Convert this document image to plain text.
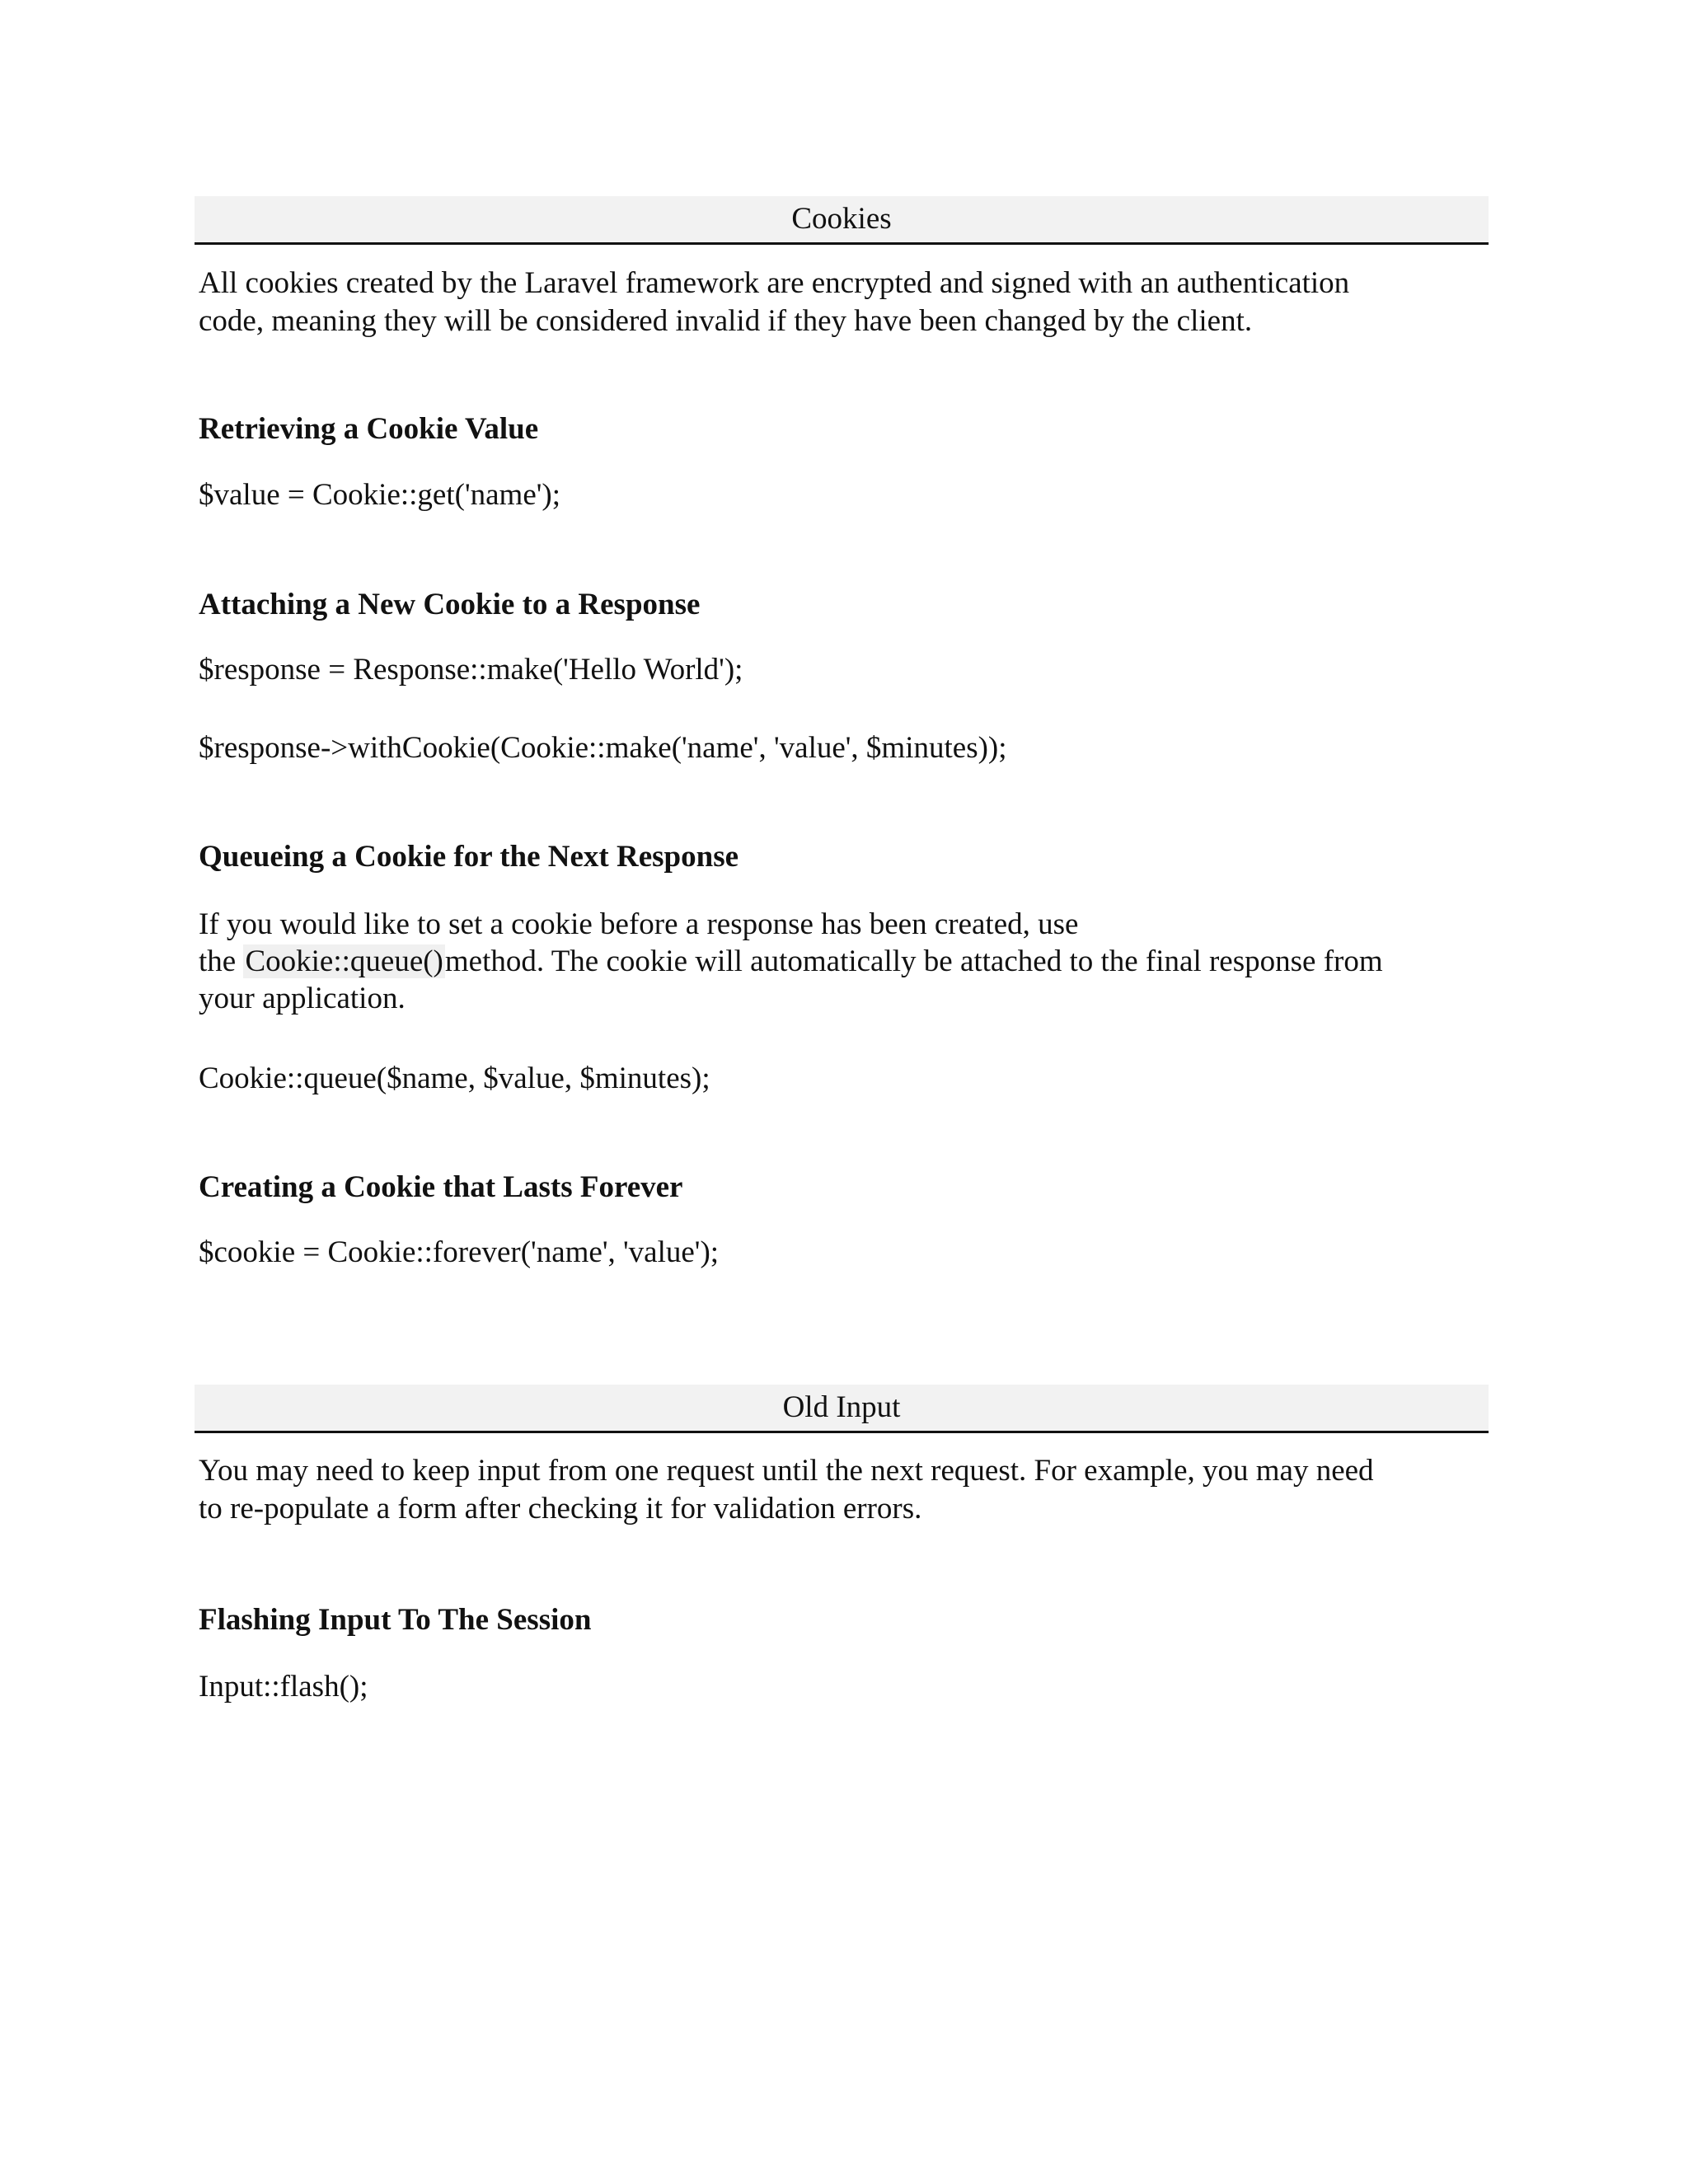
Cookies

All cookies created by the Laravel framework are encrypted and signed with an authentication

code, meaning they will be considered invalid if they have been changed by the client.

Retrieving a Cookie Value

$value = Cookie::get('name');

Attaching a New Cookie to a Response

$response = Response::make('Hello World');

$response->withCookie(Cookie::make('name', 'value', $minutes));

Queueing a Cookie for the Next Response

If you would like to set a cookie before a response has been created, use

the Cookie::queue()method. The cookie will automatically be attached to the final response from

your application.

Cookie::queue($name, $value, $minutes);

Creating a Cookie that Lasts Forever

$cookie = Cookie::forever('name', 'value');

Old Input

You may need to keep input from one request until the next request. For example, you may need

to re-populate a form after checking it for validation errors.

Flashing Input To The Session

Input::flash();
